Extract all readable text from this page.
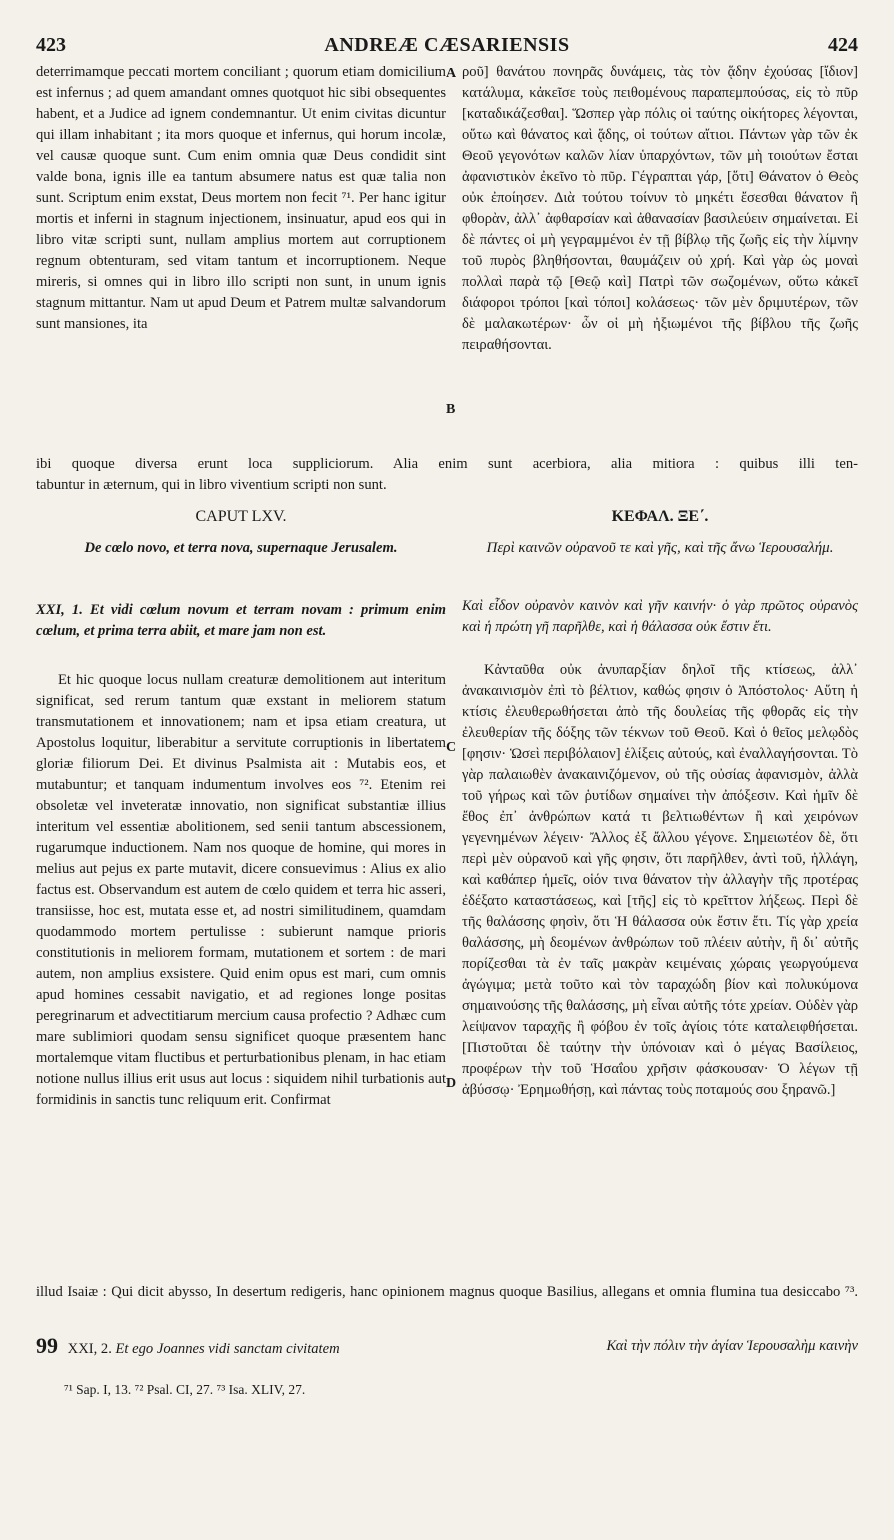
423	ANDREÆ CÆSARIENSIS	424

deterrimamque peccati mortem conciliant ; quorum etiam domicilium est infernus ; ad quem amandant omnes quotquot hic sibi obsequentes habent, et a Judice ad ignem condemnantur. Ut enim civitas dicuntur qui illam inhabitant ; ita mors quoque et infernus, qui horum incolæ, vel causæ quoque sunt. Cum enim omnia quæ Deus condidit sint valde bona, ignis ille ea tantum absumere natus est quæ talia non sunt. Scriptum enim exstat, Deus mortem non fecit ⁷¹. Per hanc igitur mortis et inferni in stagnum injectionem, insinuatur, apud eos qui in libro vitæ scripti sunt, nullam amplius mortem aut corruptionem regnum obtenturam, sed vitam tantum et incorruptionem. Neque mireris, si omnes qui in libro illo scripti non sunt, in unum ignis stagnum mittantur. Nam ut apud Deum et Patrem multæ salvandorum sunt mansiones, ita

A
B

ροῦ] θανάτου πονηρᾶς δυνάμεις, τὰς τὸν ᾅδην ἐχούσας [ἴδιον] κατάλυμα, κἀκεῖσε τοὺς πειθομένους παραπεμπούσας, εἰς τὸ πῦρ [καταδικάζεσθαι]. Ὥσπερ γὰρ πόλις οἱ ταύτης οἰκήτορες λέγονται, οὕτω καὶ θάνατος καὶ ᾅδης, οἱ τούτων αἴτιοι. Πάντων γὰρ τῶν ἐκ Θεοῦ γεγονότων καλῶν λίαν ὑπαρχόντων, τῶν μὴ τοιούτων ἔσται ἀφανιστικὸν ἐκεῖνο τὸ πῦρ. Γέγραπται γάρ, [ὅτι] Θάνατον ὁ Θεὸς οὐκ ἐποίησεν. Διὰ τούτου τοίνυν τὸ μηκέτι ἔσεσθαι θάνατον ἢ φθορὰν, ἀλλ᾽ ἀφθαρσίαν καὶ ἀθανασίαν βασιλεύειν σημαίνεται. Εἰ δὲ πάντες οἱ μὴ γεγραμμένοι ἐν τῇ βίβλῳ τῆς ζωῆς εἰς τὴν λίμνην τοῦ πυρὸς βληθήσονται, θαυμάζειν οὐ χρή. Καὶ γὰρ ὡς μοναὶ πολλαὶ παρὰ τῷ [Θεῷ καὶ] Πατρὶ τῶν σωζομένων, οὕτω κἀκεῖ διάφοροι τρόποι [καὶ τόποι] κολάσεως· τῶν μὲν δριμυτέρων, τῶν δὲ μαλακωτέρων· ὧν οἱ μὴ ἠξιωμένοι τῆς βίβλου τῆς ζωῆς πειραθήσονται.

ibi quoque diversa erunt loca suppliciorum. Alia enim sunt acerbiora, alia mitiora : quibus illi ten-
tabuntur in æternum, qui in libro viventium scripti non sunt.
CAPUT LXV.	ΚΕΦΑΛ. ΞΕ΄.
De cœlo novo, et terra nova, supernaque Jerusalem.	Περὶ καινῶν οὐρανοῦ τε καὶ γῆς, καὶ τῆς ἄνω Ἱερουσαλήμ.
XXI, 1. Et vidi cœlum novum et terram novam : primum enim cœlum, et prima terra abiit, et mare jam non est.
Καὶ εἶδον οὐρανὸν καινὸν καὶ γῆν καινήν· ὁ γὰρ πρῶτος οὐρανὸς καὶ ἡ πρώτη γῆ παρῆλθε, καὶ ἡ θάλασσα οὐκ ἔστιν ἔτι.

Et hic quoque locus nullam creaturæ demolitionem aut interitum significat, sed rerum tantum quæ exstant in meliorem statum transmutationem et innovationem; nam et ipsa etiam creatura, ut Apostolus loquitur, liberabitur a servitute corruptionis in libertatem gloriæ filiorum Dei. Et divinus Psalmista ait : Mutabis eos, et mutabuntur; et tanquam indumentum involves eos ⁷². Etenim rei obsoletæ vel inveteratæ innovatio, non significat substantiæ illius interitum vel essentiæ abolitionem, sed senii tantum abscessionem, rugarumque inductionem. Nam nos quoque de homine, qui mores in melius aut pejus ex parte mutavit, dicere consuevimus : Alius ex alio factus est. Observandum est autem de cœlo quidem et terra hic asseri, transiisse, hoc est, mutata esse et, ad nostri similitudinem, quamdam quodammodo mortem pertulisse : subierunt namque prioris constitutionis in meliorem formam, mutationem et sortem : de mari autem, non amplius exsistere. Quid enim opus est mari, cum omnis apud homines cessabit navigatio, et ad regiones longe positas peregrinarum et advectitiarum mercium causa profectio ? Adhæc cum mare sublimiori quodam sensu significet quoque præsentem hanc mortalemque vitam fluctibus et perturbationibus plenam, in hac etiam notione nullus illius erit usus aut locus : siquidem nihil turbationis aut formidinis in sanctis tunc reliquum erit. Confirmat

C
D

Κἀνταῦθα οὐκ ἀνυπαρξίαν δηλοῖ τῆς κτίσεως, ἀλλ᾽ ἀνακαινισμὸν ἐπὶ τὸ βέλτιον, καθώς φησιν ὁ Ἀπόστολος· Αὕτη ἡ κτίσις ἐλευθερωθήσεται ἀπὸ τῆς δουλείας τῆς φθορᾶς εἰς τὴν ἐλευθερίαν τῆς δόξης τῶν τέκνων τοῦ Θεοῦ. Καὶ ὁ θεῖος μελῳδὸς [φησιν· Ὡσεὶ περιβόλαιον] ἑλίξεις αὐτούς, καὶ ἐναλλαγήσονται. Τὸ γὰρ παλαιωθὲν ἀνακαινιζόμενον, οὐ τῆς οὐσίας ἀφανισμὸν, ἀλλὰ τοῦ γήρως καὶ τῶν ῥυτίδων σημαίνει τὴν ἀπόξεσιν. Καὶ ἡμῖν δὲ ἔθος ἐπ᾽ ἀνθρώπων κατά τι βελτιωθέντων ἢ καὶ χειρόνων γεγενημένων λέγειν· Ἄλλος ἐξ ἄλλου γέγονε. Σημειωτέον δὲ, ὅτι περὶ μὲν οὐρανοῦ καὶ γῆς φησιν, ὅτι παρῆλθεν, ἀντὶ τοῦ, ἠλλάγη, καὶ καθάπερ ἡμεῖς, οἱόν τινα θάνατον τὴν ἀλλαγὴν τῆς προτέρας ἐδέξατο καταστάσεως, καὶ [τῆς] εἰς τὸ κρεῖττον λήξεως. Περὶ δὲ τῆς θαλάσσης φησὶν, ὅτι Ἡ θάλασσα οὐκ ἔστιν ἔτι. Τίς γὰρ χρεία θαλάσσης, μὴ δεομένων ἀνθρώπων τοῦ πλέειν αὐτὴν, ἢ δι᾽ αὐτῆς πορίζεσθαι τὰ ἐν ταῖς μακρὰν κειμέναις χώραις γεωργούμενα ἀγώγιμα; μετὰ τοῦτο καὶ τὸν ταραχώδη βίον καὶ πολυκύμονα σημαινούσης τῆς θαλάσσης, μὴ εἶναι αὐτῆς τότε χρείαν. Οὐδὲν γὰρ λείψανον ταραχῆς ἢ φόβου ἐν τοῖς ἁγίοις τότε καταλειφθήσεται. [Πιστοῦται δὲ ταύτην τὴν ὑπόνοιαν καὶ ὁ μέγας Βασίλειος, προφέρων τὴν τοῦ Ἡσαΐου χρῆσιν φάσκουσαν· Ὁ λέγων τῇ ἀβύσσῳ· Ἐρημωθήσῃ, καὶ πάντας τοὺς ποταμούς σου ξηρανῶ.]

illud Isaiæ : Qui dicit abysso, In desertum redigeris, hanc opinionem magnus quoque Basilius, allegans et omnia flumina tua desiccabo ⁷³.
99 XXI, 2. Et ego Joannes vidi sanctam civitatem	Καὶ τὴν πόλιν τὴν ἁγίαν Ἱερουσαλὴμ καινὴν
⁷¹ Sap. I, 13. ⁷² Psal. CI, 27. ⁷³ Isa. XLIV, 27.
